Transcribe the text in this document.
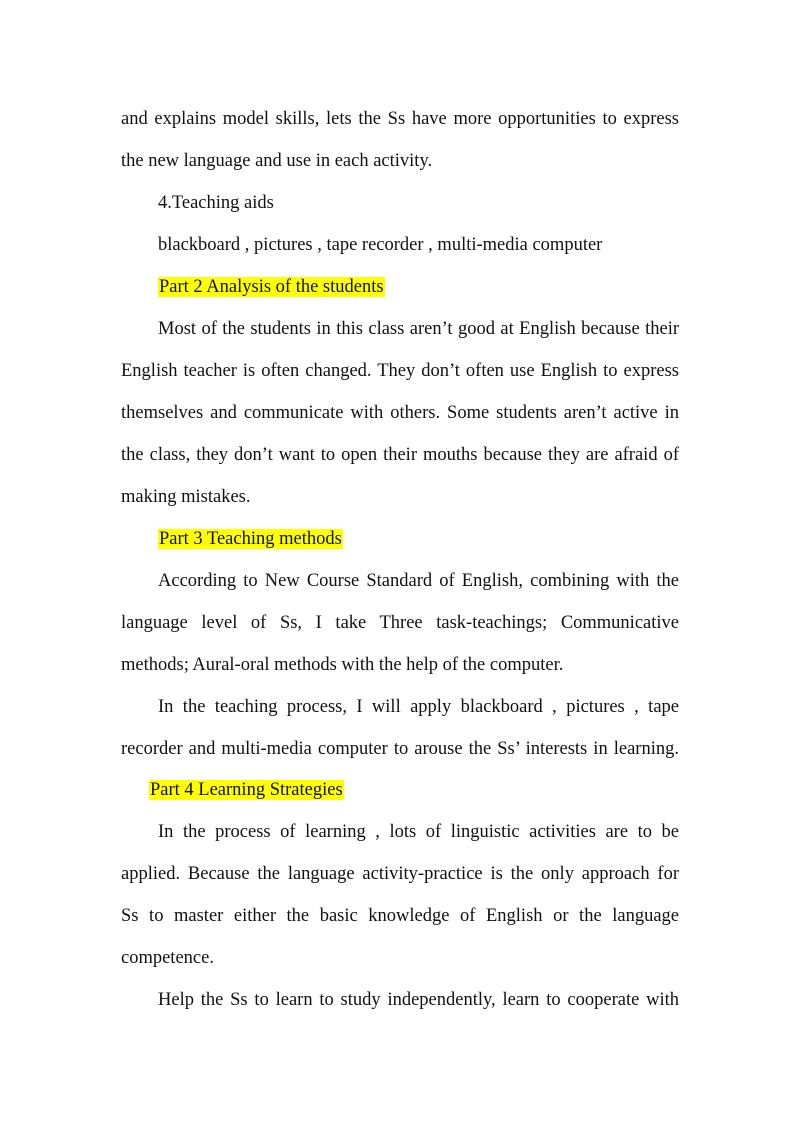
and explains model skills, lets the Ss have more opportunities to express
the new language and use in each activity.
4.Teaching aids
blackboard , pictures , tape recorder , multi-media computer
Part 2 Analysis of the students
Most of the students in this class aren’t good at English because their
English teacher is often changed. They don’t often use English to express
themselves and communicate with others. Some students aren’t active in
the class, they don’t want to open their mouths because they are afraid of
making mistakes.
Part 3 Teaching methods
According to New Course Standard of English, combining with the
language level of Ss, I take Three task-teachings; Communicative
methods; Aural-oral methods with the help of the computer.
In the teaching process, I will apply blackboard , pictures , tape
recorder and multi-media computer to arouse the Ss’ interests in learning.
Part 4 Learning Strategies
In the process of learning , lots of linguistic activities are to be
applied. Because the language activity-practice is the only approach for
Ss to master either the basic knowledge of English or the language
competence.
Help the Ss to learn to study independently, learn to cooperate with
